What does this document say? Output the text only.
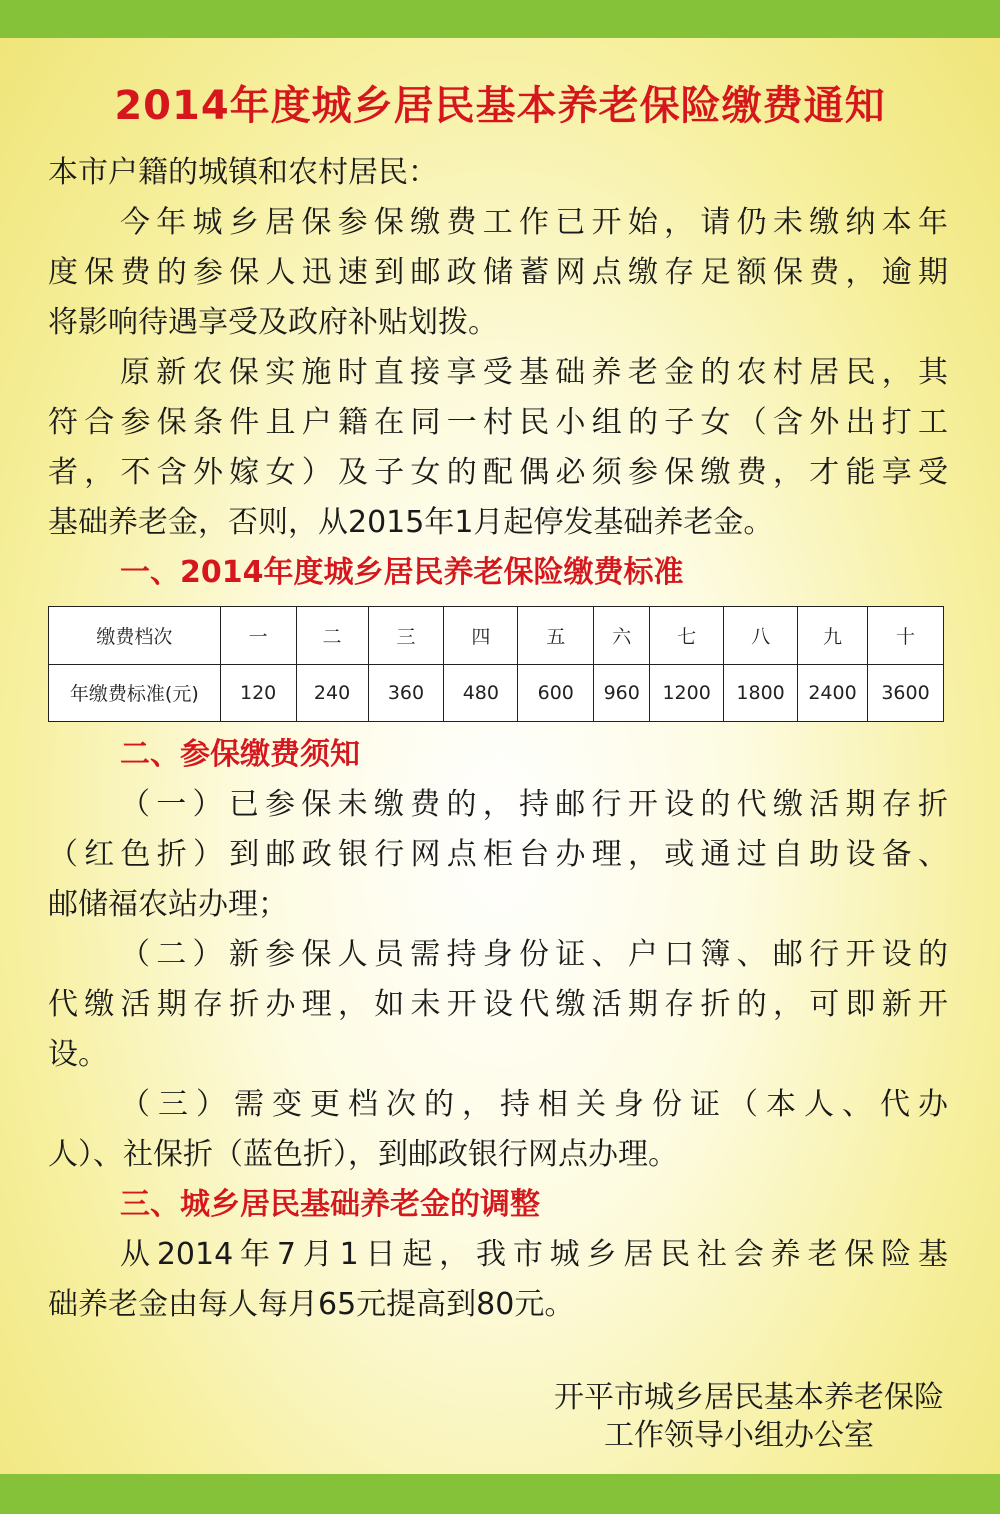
2014年度城乡居民基本养老保险缴费通知
本市户籍的城镇和农村居民：
今年城乡居保参保缴费工作已开始，请仍未缴纳本年
度保费的参保人迅速到邮政储蓄网点缴存足额保费，逾期
将影响待遇享受及政府补贴划拨。
原新农保实施时直接享受基础养老金的农村居民，其
符合参保条件且户籍在同一村民小组的子女（含外出打工
者，不含外嫁女）及子女的配偶必须参保缴费，才能享受
基础养老金，否则，从2015年1月起停发基础养老金。
一、2014年度城乡居民养老保险缴费标准
缴费档次	一	二	三	四	五	六	七	八	九	十
年缴费标准(元)	120	240	360	480	600	960	1200	1800	2400	3600
二、参保缴费须知
（一）已参保未缴费的，持邮行开设的代缴活期存折
（红色折）到邮政银行网点柜台办理，或通过自助设备、
邮储福农站办理；
（二）新参保人员需持身份证、户口簿、邮行开设的
代缴活期存折办理，如未开设代缴活期存折的，可即新开
设。
（三）需变更档次的，持相关身份证（本人、代办
人）、社保折（蓝色折），到邮政银行网点办理。
三、城乡居民基础养老金的调整
从2014年7月1日起，我市城乡居民社会养老保险基
础养老金由每人每月65元提高到80元。
开平市城乡居民基本养老保险
工作领导小组办公室
